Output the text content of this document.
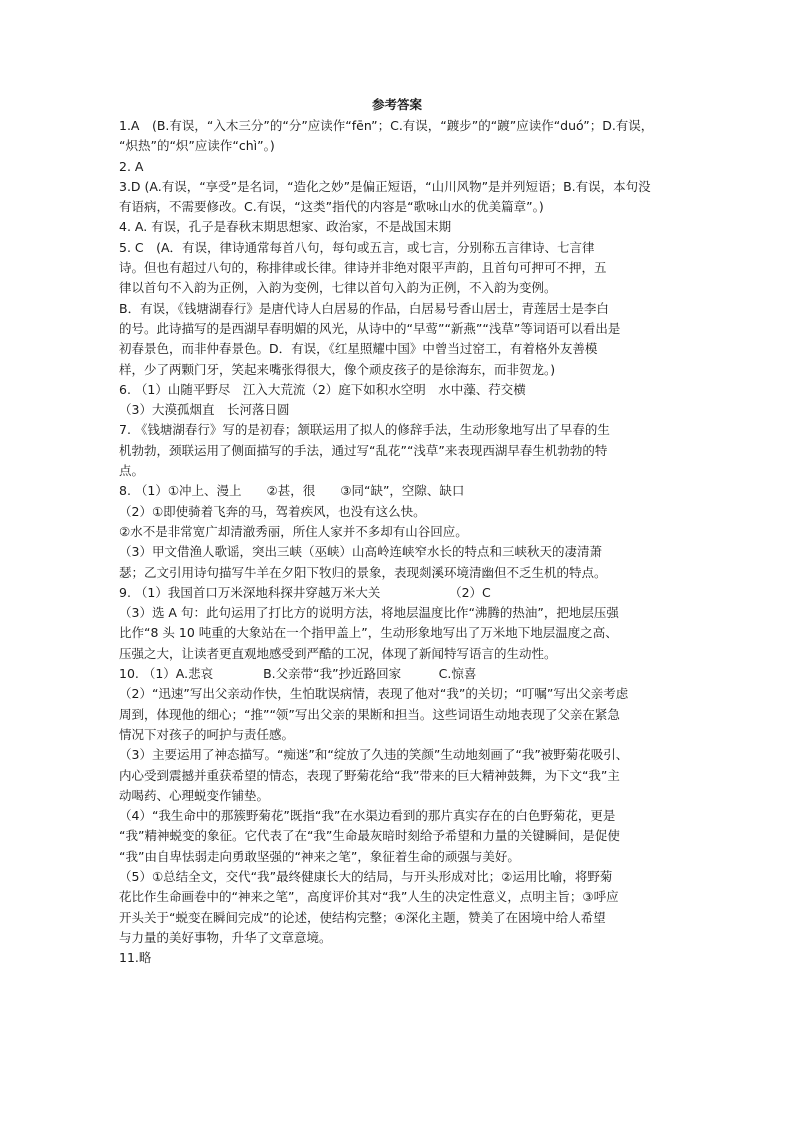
参考答案
1.A　(B.有误，“入木三分”的“分”应读作“fēn”；C.有误，“踱步”的“踱”应读作“duó”；D.有误，
“炽热”的“炽”应读作“chì”。)
2. A
3.D (A.有误，“享受”是名词，“造化之妙”是偏正短语，“山川风物”是并列短语；B.有误，本句没
有语病，不需要修改。C.有误，“这类”指代的内容是“歌咏山水的优美篇章”。)
4. A. 有误，孔子是春秋末期思想家、政治家，不是战国末期
5. C　(A．有误，律诗通常每首八句，每句或五言，或七言，分别称五言律诗、七言律
诗。但也有超过八句的，称排律或长律。律诗并非绝对限平声韵，且首句可押可不押，五
律以首句不入韵为正例，入韵为变例，七律以首句入韵为正例，不入韵为变例。
B．有误，《钱塘湖春行》是唐代诗人白居易的作品，白居易号香山居士，青莲居士是李白
的号。此诗描写的是西湖早春明媚的风光，从诗中的“早莺”“新燕”“浅草”等词语可以看出是
初春景色，而非仲春景色。D．有误，《红星照耀中国》中曾当过窑工，有着格外友善模
样，少了两颗门牙，笑起来嘴张得很大，像个顽皮孩子的是徐海东，而非贺龙。)
6. （1）山随平野尽　江入大荒流（2）庭下如积水空明　水中藻、荇交横
（3）大漠孤烟直　长河落日圆
7. 《钱塘湖春行》写的是初春；颔联运用了拟人的修辞手法，生动形象地写出了早春的生
机勃勃，颈联运用了侧面描写的手法，通过写“乱花”“浅草”来表现西湖早春生机勃勃的特
点。
8. （1）①冲上、漫上　　②甚，很　　③同“缺”，空隙、缺口
（2）①即使骑着飞奔的马，驾着疾风，也没有这么快。
②水不是非常宽广却清澈秀丽，所住人家并不多却有山谷回应。
（3）甲文借渔人歌谣，突出三峡（巫峡）山高岭连峡窄水长的特点和三峡秋天的凄清萧
瑟；乙文引用诗句描写牛羊在夕阳下牧归的景象，表现剡溪环境清幽但不乏生机的特点。
9. （1）我国首口万米深地科探井穿越万米大关　　　　　　（2）C
（3）选 A 句：此句运用了打比方的说明方法，将地层温度比作“沸腾的热油”，把地层压强
比作“8 头 10 吨重的大象站在一个指甲盖上”，生动形象地写出了万米地下地层温度之高、
压强之大，让读者更直观地感受到严酷的工况，体现了新闻特写语言的生动性。
10. （1）A.悲哀　　　　B.父亲带“我”抄近路回家　　　C.惊喜
（2）“迅速”写出父亲动作快，生怕耽误病情，表现了他对“我”的关切；“叮嘱”写出父亲考虑
周到，体现他的细心；“推”“领”写出父亲的果断和担当。这些词语生动地表现了父亲在紧急
情况下对孩子的呵护与责任感。
（3）主要运用了神态描写。“痴迷”和“绽放了久违的笑颜”生动地刻画了“我”被野菊花吸引、
内心受到震撼并重获希望的情态，表现了野菊花给“我”带来的巨大精神鼓舞，为下文“我”主
动喝药、心理蜕变作铺垫。
（4）“我生命中的那簇野菊花”既指“我”在水渠边看到的那片真实存在的白色野菊花，更是
“我”精神蜕变的象征。它代表了在“我”生命最灰暗时刻给予希望和力量的关键瞬间，是促使
“我”由自卑怯弱走向勇敢坚强的“神来之笔”，象征着生命的顽强与美好。
（5）①总结全文，交代“我”最终健康长大的结局，与开头形成对比；②运用比喻，将野菊
花比作生命画卷中的“神来之笔”，高度评价其对“我”人生的决定性意义，点明主旨；③呼应
开头关于“蜕变在瞬间完成”的论述，使结构完整；④深化主题，赞美了在困境中给人希望
与力量的美好事物，升华了文章意境。
11.略
